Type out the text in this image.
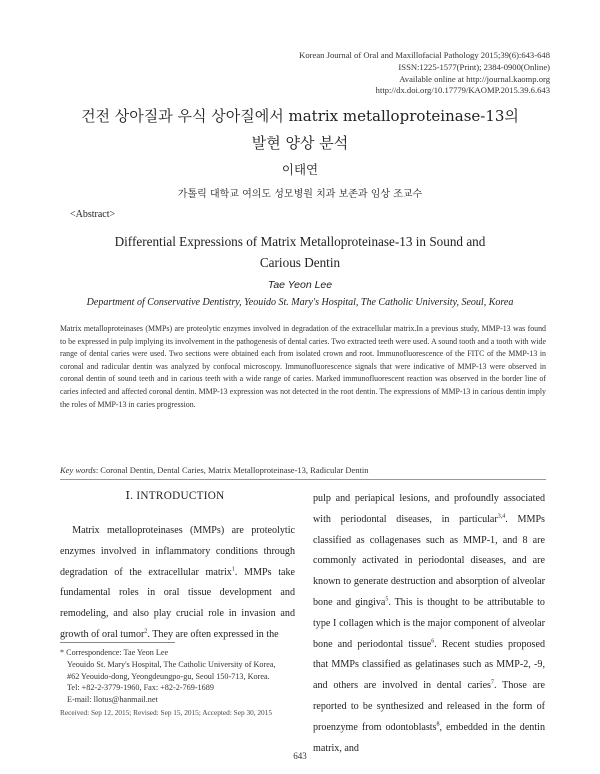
Korean Journal of Oral and Maxillofacial Pathology 2015;39(6):643-648
ISSN:1225-1577(Print); 2384-0900(Online)
Available online at http://journal.kaomp.org
http://dx.doi.org/10.17779/KAOMP.2015.39.6.643
건전 상아질과 우식 상아질에서 matrix metalloproteinase-13의
발현 양상 분석
이태연
가톨릭 대학교 여의도 성모병원 치과 보존과 임상 조교수
<Abstract>
Differential Expressions of Matrix Metalloproteinase-13 in Sound and
Carious Dentin
Tae Yeon Lee
Department of Conservative Dentistry, Yeouido St. Mary's Hospital, The Catholic University, Seoul, Korea
Matrix metalloproteinases (MMPs) are proteolytic enzymes involved in degradation of the extracellular matrix.In a previous study, MMP-13 was found to be expressed in pulp implying its involvement in the pathogenesis of dental caries. Two extracted teeth were used. A sound tooth and a tooth with wide range of dental caries were used. Two sections were obtained each from isolated crown and root. Immunofluorescence of the FITC of the MMP-13 in coronal and radicular dentin was analyzed by confocal microscopy. Immunofluorescence signals that were indicative of MMP-13 were observed in coronal dentin of sound teeth and in carious teeth with a wide range of caries. Marked immunofluorescent reaction was observed in the border line of caries infected and affected coronal dentin. MMP-13 expression was not detected in the root dentin. The expressions of MMP-13 in carious dentin imply the roles of MMP-13 in caries progression.
Key words: Coronal Dentin, Dental Caries, Matrix Metalloproteinase-13, Radicular Dentin
Ⅰ. INTRODUCTION

Matrix metalloproteinases (MMPs) are proteolytic enzymes involved in inflammatory conditions through degradation of the extracellular matrix$^1$. MMPs take fundamental roles in oral tissue development and remodeling, and also play crucial role in invasion and growth of oral tumor$^2$. They are often expressed in the

* Correspondence: Tae Yeon Lee
Yeouido St. Mary's Hospital, The Catholic University of Korea,
#62 Yeouido-dong, Yeongdeungpo-gu, Seoul 150-713, Korea.
Tel: +82-2-3779-1960, Fax: +82-2-769-1689
E-mail: llotus@hanmail.net
Received: Sep 12, 2015; Revised: Sep 15, 2015; Accepted: Sep 30, 2015

pulp and periapical lesions, and profoundly associated with periodontal diseases, in particular$^{3,4}$. MMPs classified as collagenases such as MMP-1, and 8 are commonly activated in periodontal diseases, and are known to generate destruction and absorption of alveolar bone and gingiva$^5$. This is thought to be attributable to type I collagen which is the major component of alveolar bone and periodontal tissue$^6$. Recent studies proposed that MMPs classified as gelatinases such as MMP-2, -9, and others are involved in dental caries$^7$. Those are reported to be synthesized and released in the form of proenzyme from odontoblasts$^8$, embedded in the dentin matrix, and

643
